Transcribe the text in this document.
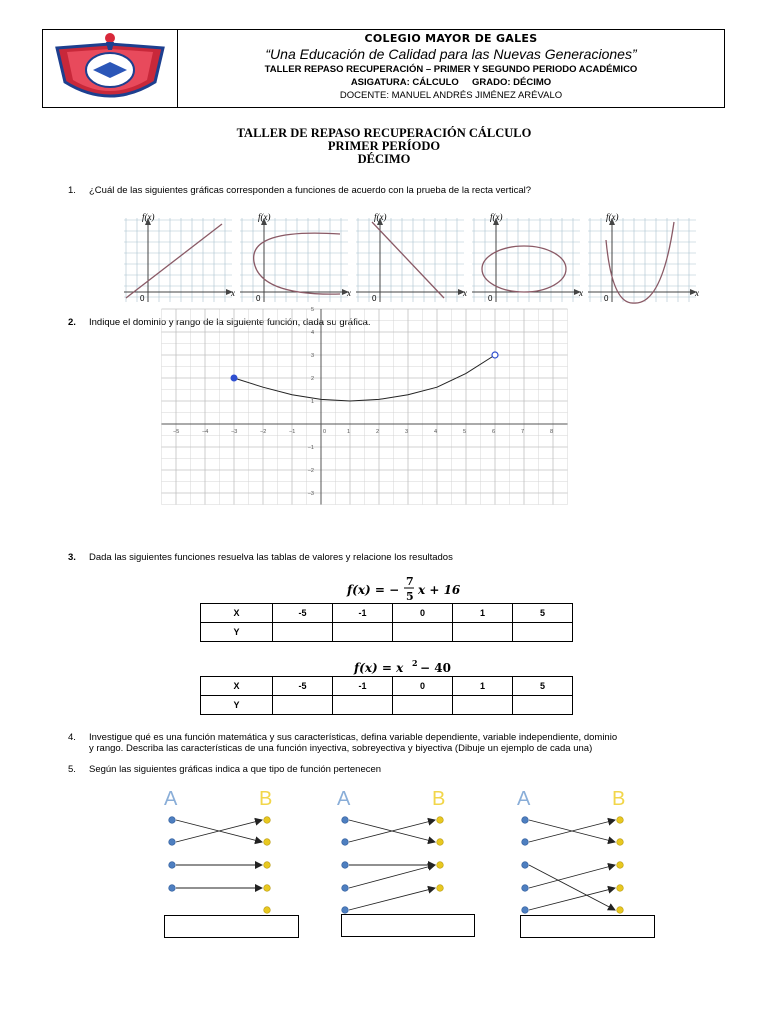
COLEGIO MAYOR DE GALES
“Una Educación de Calidad para las Nuevas Generaciones”
TALLER REPASO RECUPERACIÓN – PRIMER Y SEGUNDO PERIODO ACADÉMICO
ASIGATURA: CÁLCULO     GRADO: DÉCIMO
DOCENTE: MANUEL ANDRÉS JIMÉNEZ ARÉVALO
TALLER DE REPASO RECUPERACIÓN CÁLCULO
PRIMER PERÍODO
DÉCIMO
1. ¿Cuál de las siguientes gráficas corresponden a funciones de acuerdo con la prueba de la recta vertical?
f(x)
x
0
f(x)
x
0
f(x)
x
0
f(x)
x
0
f(x)
x
0
2. Indique el dominio y rango de la siguiente función, dada su gráfica.
−5	−4	−3	−2	−1	0	1	2	3	4	5	6	7	8
5
4
3
2
1
−1
−2
−3
3. Dada las siguientes funciones resuelva las tablas de valores y relacione los resultados
f(x) = −
7
5 x + 16
X	-5	-1	0	1	5
Y					
f(x) = x 2 − 40
X	-5	-1	0	1	5
Y					
4. Investigue qué es una función matemática y sus características, defina variable dependiente, variable independiente, dominio
y rango. Describa las características de una función inyectiva, sobreyectiva y biyectiva (Dibuje un ejemplo de cada una)
5. Según las siguientes gráficas indica a que tipo de función pertenecen
A	B	A	B	A	B
